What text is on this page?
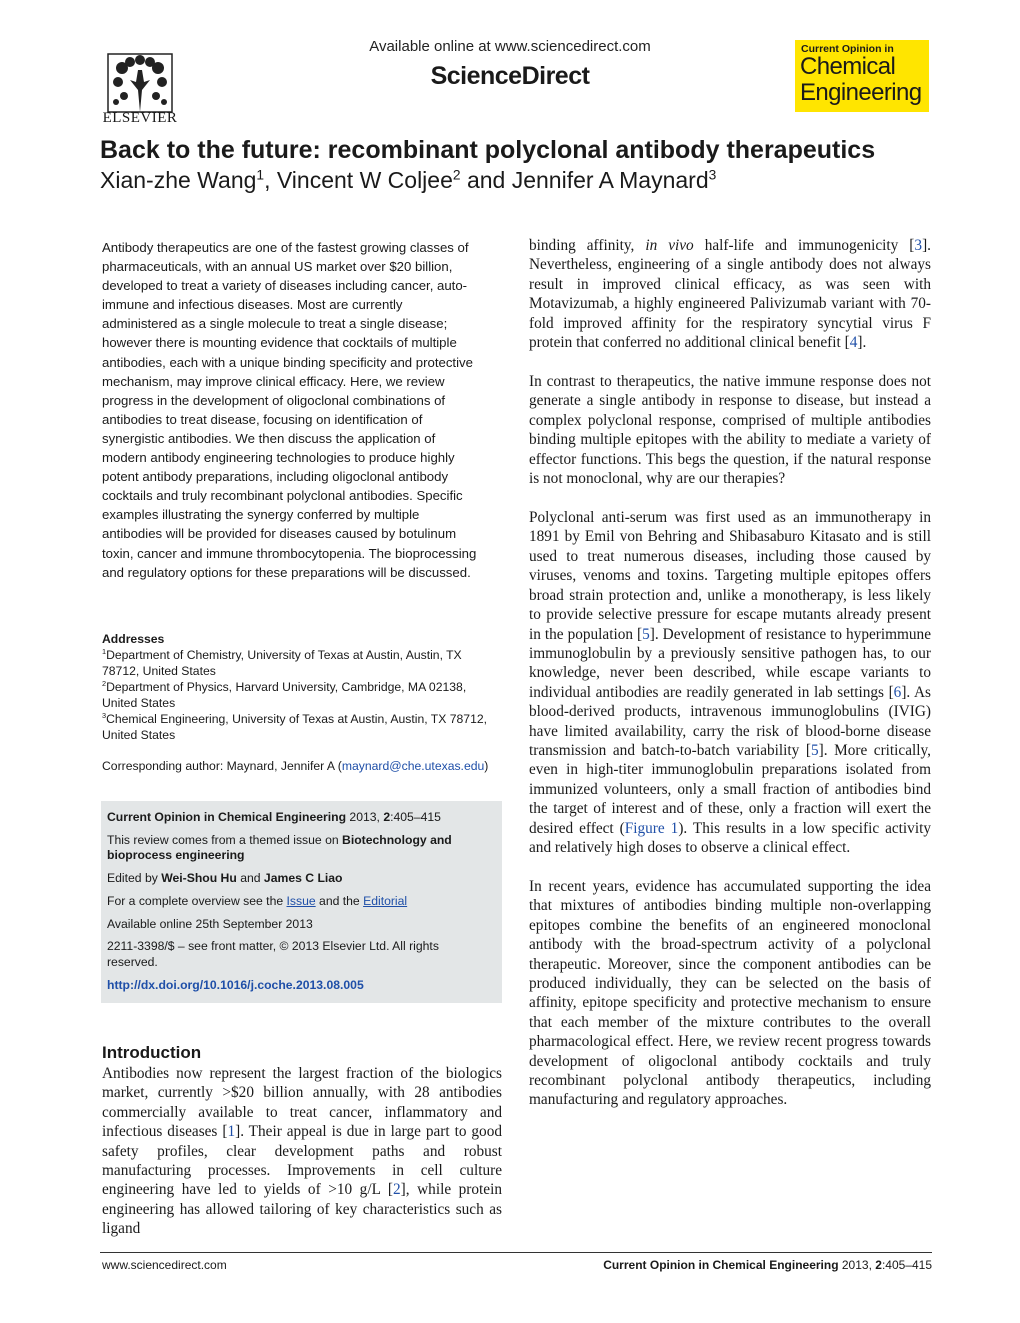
ELSEVIER
Available online at www.sciencedirect.com
ScienceDirect
Current Opinion in
Chemical
Engineering
Back to the future: recombinant polyclonal antibody therapeutics
Xian-zhe Wang$^1$, Vincent W Coljee$^2$ and Jennifer A Maynard$^3$
Antibody therapeutics are one of the fastest growing classes of pharmaceuticals, with an annual US market over $20 billion, developed to treat a variety of diseases including cancer, auto-immune and infectious diseases. Most are currently administered as a single molecule to treat a single disease; however there is mounting evidence that cocktails of multiple antibodies, each with a unique binding specificity and protective mechanism, may improve clinical efficacy. Here, we review progress in the development of oligoclonal combinations of antibodies to treat disease, focusing on identification of synergistic antibodies. We then discuss the application of modern antibody engineering technologies to produce highly potent antibody preparations, including oligoclonal antibody cocktails and truly recombinant polyclonal antibodies. Specific examples illustrating the synergy conferred by multiple antibodies will be provided for diseases caused by botulinum toxin, cancer and immune thrombocytopenia. The bioprocessing and regulatory options for these preparations will be discussed.
Addresses
$^1$Department of Chemistry, University of Texas at Austin, Austin, TX 78712, United States
$^2$Department of Physics, Harvard University, Cambridge, MA 02138, United States
$^3$Chemical Engineering, University of Texas at Austin, Austin, TX 78712, United States
Corresponding author: Maynard, Jennifer A (maynard@che.utexas.edu)

Current Opinion in Chemical Engineering 2013, 2:405–415

This review comes from a themed issue on Biotechnology and bioprocess engineering

Edited by Wei-Shou Hu and James C Liao

For a complete overview see the Issue and the Editorial

Available online 25th September 2013

2211-3398/$ – see front matter, © 2013 Elsevier Ltd. All rights reserved.

http://dx.doi.org/10.1016/j.coche.2013.08.005

Introduction
Antibodies now represent the largest fraction of the biologics market, currently >$20 billion annually, with 28 antibodies commercially available to treat cancer, inflammatory and infectious diseases [1]. Their appeal is due in large part to good safety profiles, clear development paths and robust manufacturing processes. Improvements in cell culture engineering have led to yields of >10 g/L [2], while protein engineering has allowed tailoring of key characteristics such as ligand

binding affinity, in vivo half-life and immunogenicity [3]. Nevertheless, engineering of a single antibody does not always result in improved clinical efficacy, as was seen with Motavizumab, a highly engineered Palivizumab variant with 70-fold improved affinity for the respiratory syncytial virus F protein that conferred no additional clinical benefit [4].

In contrast to therapeutics, the native immune response does not generate a single antibody in response to disease, but instead a complex polyclonal response, comprised of multiple antibodies binding multiple epitopes with the ability to mediate a variety of effector functions. This begs the question, if the natural response is not monoclonal, why are our therapies?

Polyclonal anti-serum was first used as an immunotherapy in 1891 by Emil von Behring and Shibasaburo Kitasato and is still used to treat numerous diseases, including those caused by viruses, venoms and toxins. Targeting multiple epitopes offers broad strain protection and, unlike a monotherapy, is less likely to provide selective pressure for escape mutants already present in the population [5]. Development of resistance to hyperimmune immunoglobulin by a previously sensitive pathogen has, to our knowledge, never been described, while escape variants to individual antibodies are readily generated in lab settings [6]. As blood-derived products, intravenous immunoglobulins (IVIG) have limited availability, carry the risk of blood-borne disease transmission and batch-to-batch variability [5]. More critically, even in high-titer immunoglobulin preparations isolated from immunized volunteers, only a small fraction of antibodies bind the target of interest and of these, only a fraction will exert the desired effect (Figure 1). This results in a low specific activity and relatively high doses to observe a clinical effect.

In recent years, evidence has accumulated supporting the idea that mixtures of antibodies binding multiple non-overlapping epitopes combine the benefits of an engineered monoclonal antibody with the broad-spectrum activity of a polyclonal therapeutic. Moreover, since the component antibodies can be produced individually, they can be selected on the basis of affinity, epitope specificity and protective mechanism to ensure that each member of the mixture contributes to the overall pharmacological effect. Here, we review recent progress towards development of oligoclonal antibody cocktails and truly recombinant polyclonal antibody therapeutics, including manufacturing and regulatory approaches.

www.sciencedirect.com	Current Opinion in Chemical Engineering 2013, 2:405–415
